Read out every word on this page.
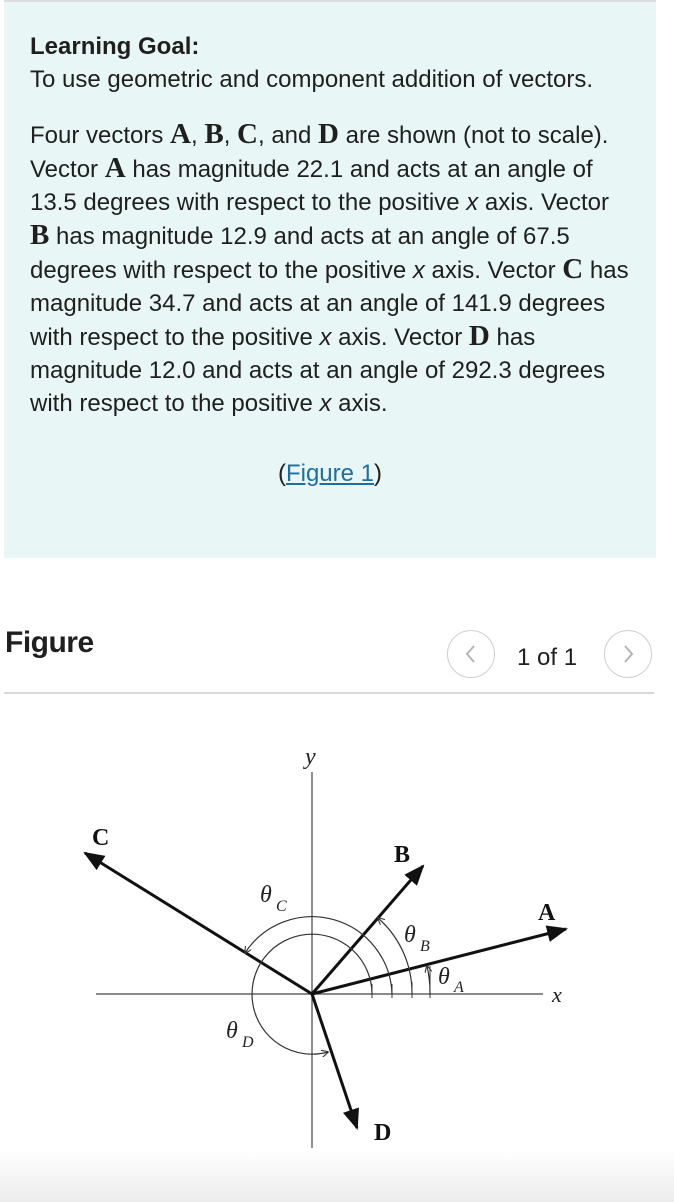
Learning Goal:
To use geometric and component addition of vectors.
Four vectors A, B, C, and D are shown (not to scale). Vector A has magnitude 22.1 and acts at an angle of 13.5 degrees with respect to the positive x axis. Vector B has magnitude 12.9 and acts at an angle of 67.5 degrees with respect to the positive x axis. Vector C has magnitude 34.7 and acts at an angle of 141.9 degrees with respect to the positive x axis. Vector D has magnitude 12.0 and acts at an angle of 292.3 degrees with respect to the positive x axis.
(Figure 1)
Figure	1 of 1
y
x
A
B
C
D
θ A
θ B
θ C
θ D
